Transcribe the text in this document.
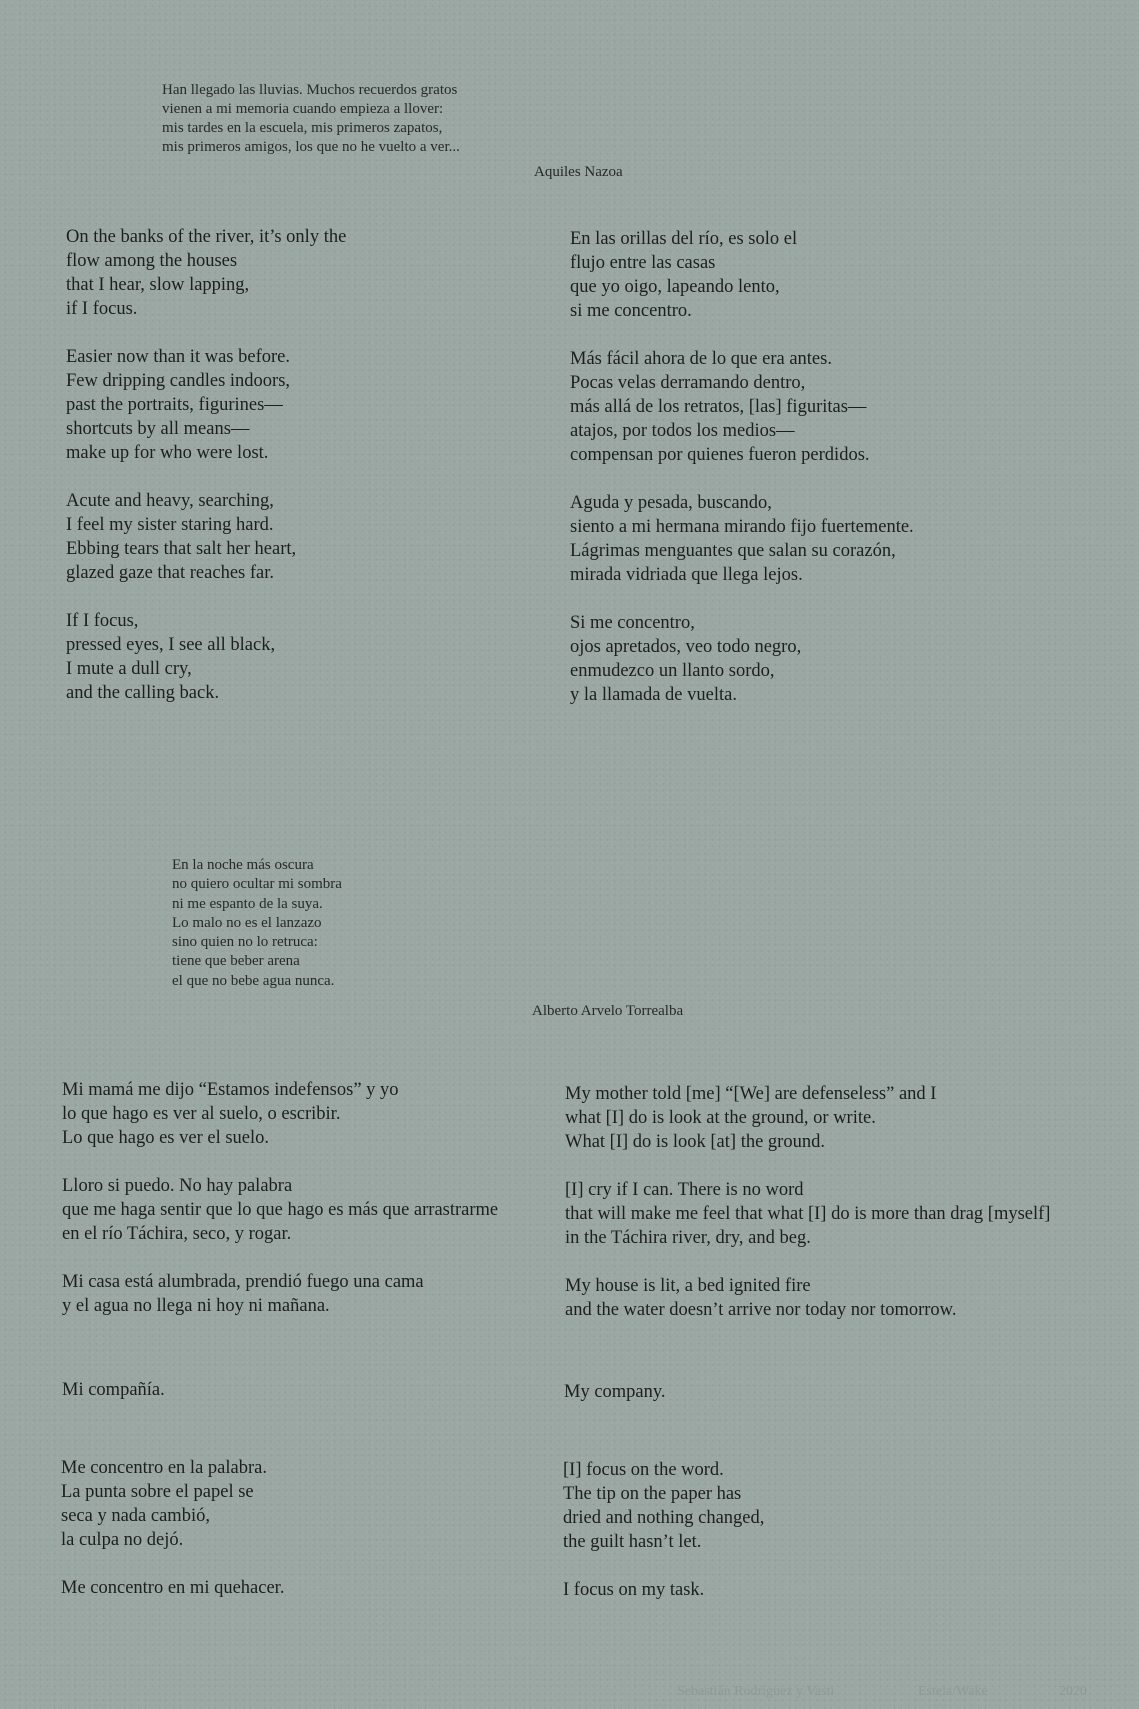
Han llegado las lluvias. Muchos recuerdos gratos
vienen a mi memoria cuando empieza a llover:
mis tardes en la escuela, mis primeros zapatos,
mis primeros amigos, los que no he vuelto a ver...
Aquiles Nazoa
On the banks of the river, it’s only the
flow among the houses
that I hear, slow lapping,
if I focus.
Easier now than it was before.
Few dripping candles indoors,
past the portraits, figurines—
shortcuts by all means—
make up for who were lost.
Acute and heavy, searching,
I feel my sister staring hard.
Ebbing tears that salt her heart,
glazed gaze that reaches far.
If I focus,
pressed eyes, I see all black,
I mute a dull cry,
and the calling back.
En las orillas del río, es solo el
flujo entre las casas
que yo oigo, lapeando lento,
si me concentro.
Más fácil ahora de lo que era antes.
Pocas velas derramando dentro,
más allá de los retratos, [las] figuritas—
atajos, por todos los medios—
compensan por quienes fueron perdidos.
Aguda y pesada, buscando,
siento a mi hermana mirando fijo fuertemente.
Lágrimas menguantes que salan su corazón,
mirada vidriada que llega lejos.
Si me concentro,
ojos apretados, veo todo negro,
enmudezco un llanto sordo,
y la llamada de vuelta.
En la noche más oscura
no quiero ocultar mi sombra
ni me espanto de la suya.
Lo malo no es el lanzazo
sino quien no lo retruca:
tiene que beber arena
el que no bebe agua nunca.
Alberto Arvelo Torrealba
Mi mamá me dijo “Estamos indefensos” y yo
lo que hago es ver al suelo, o escribir.
Lo que hago es ver el suelo.
Lloro si puedo. No hay palabra
que me haga sentir que lo que hago es más que arrastrarme
en el río Táchira, seco, y rogar.
Mi casa está alumbrada, prendió fuego una cama
y el agua no llega ni hoy ni mañana.
Mi compañía.
Me concentro en la palabra.
La punta sobre el papel se
seca y nada cambió,
la culpa no dejó.
Me concentro en mi quehacer.
My mother told [me] “[We] are defenseless” and I
what [I] do is look at the ground, or write.
What [I] do is look [at] the ground.
[I] cry if I can. There is no word
that will make me feel that what [I] do is more than drag [myself]
in the Táchira river, dry, and beg.
My house is lit, a bed ignited fire
and the water doesn’t arrive nor today nor tomorrow.
My company.
[I] focus on the word.
The tip on the paper has
dried and nothing changed,
the guilt hasn’t let.
I focus on my task.
Sebastián Rodríguez y Vasti	Estela/Wake	2020
